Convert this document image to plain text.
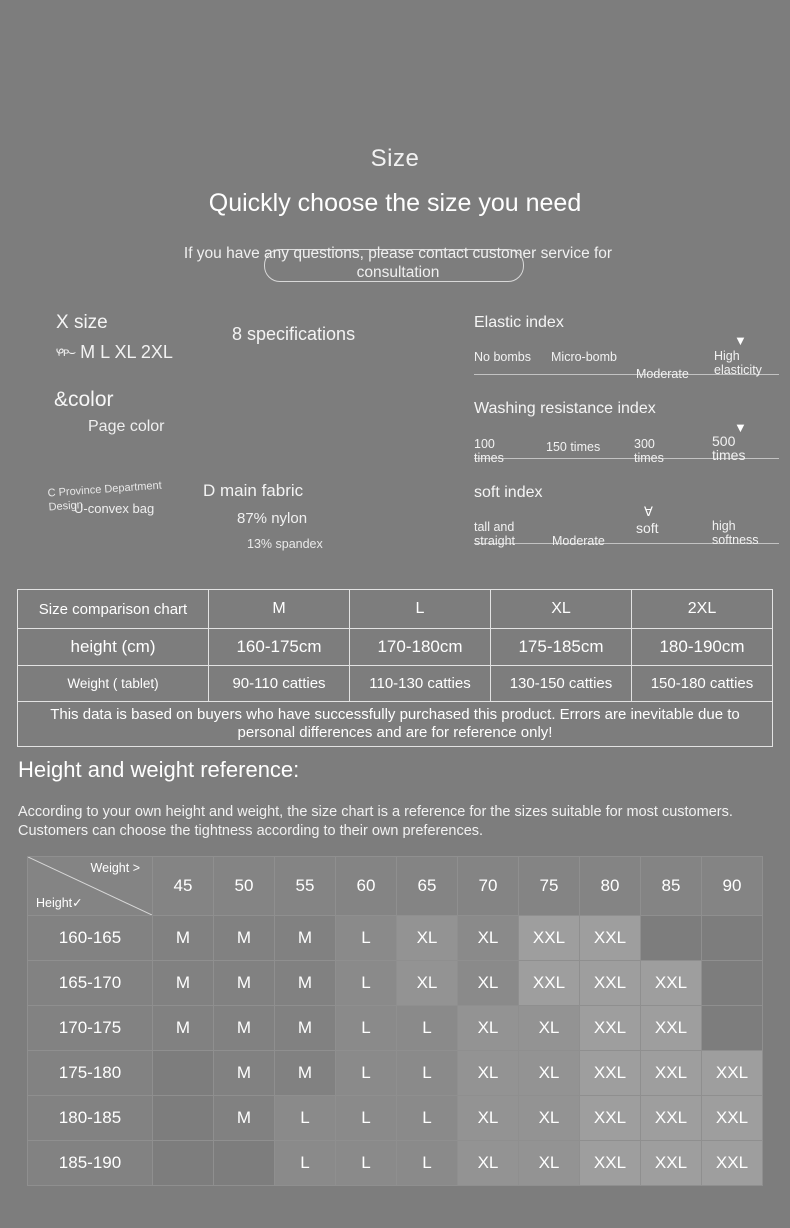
Size
Quickly choose the size you need
If you have any questions, please contact customer service for consultation
X size
ᰋᴘ⌣ M L XL 2XL
8 specifications
&color
Page color
C Province Department Design
U-convex bag
D main fabric
87% nylon
13% spandex
Elastic index
▼
No bombs	Micro-bomb
Moderate
High elasticity
Washing resistance index
▼
100 times
150 times	300 times
500 times
soft index
∀
tall and straight	Moderate
soft	high softness
Size comparison chart	M	L	XL	2XL
height (cm)	160-175cm	170-180cm	175-185cm	180-190cm
Weight ( tablet)	90-110 catties	110-130 catties	130-150 catties	150-180 catties
This data is based on buyers who have successfully purchased this product. Errors are inevitable due to personal differences and are for reference only!				
Height and weight reference:
According to your own height and weight, the size chart is a reference for the sizes suitable for most customers. Customers can choose the tightness according to their own preferences.
Weight >
Height✓	45	50	55	60	65	70	75	80	85	90
160-165	M	M	M	L	XL	XL	XXL	XXL		
165-170	M	M	M	L	XL	XL	XXL	XXL	XXL	
170-175	M	M	M	L	L	XL	XL	XXL	XXL	
175-180		M	M	L	L	XL	XL	XXL	XXL	XXL
180-185		M	L	L	L	XL	XL	XXL	XXL	XXL
185-190			L	L	L	XL	XL	XXL	XXL	XXL
